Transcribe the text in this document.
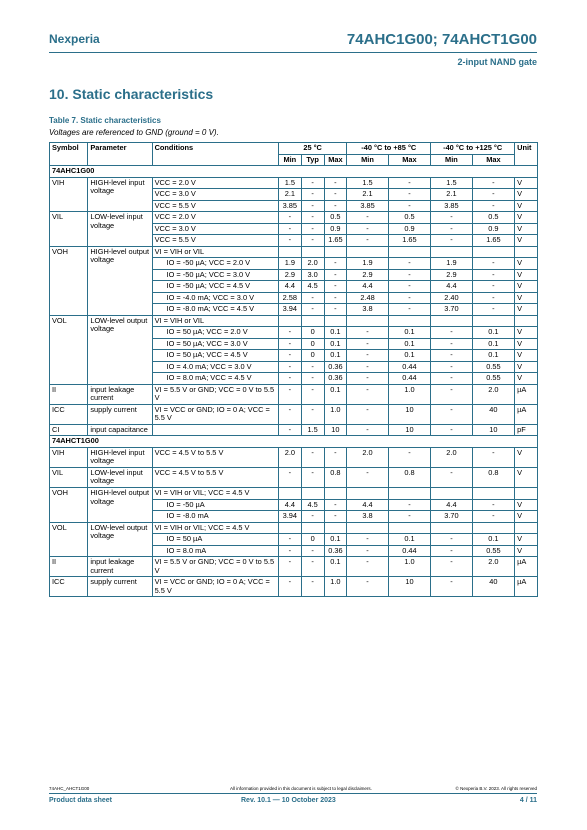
Nexperia	74AHC1G00; 74AHCT1G00
2-input NAND gate
10. Static characteristics
Table 7. Static characteristics
Voltages are referenced to GND (ground = 0 V).
Symbol	Parameter	Conditions	25 °C			-40 °C to +85 °C		-40 °C to +125 °C		Unit
			Min	Typ	Max	Min	Max	Min	Max	
74AHC1G00										
VIH	HIGH-level input voltage	VCC = 2.0 V	1.5	-	-	1.5	-	1.5	-	V
		VCC = 3.0 V	2.1	-	-	2.1	-	2.1	-	V
		VCC = 5.5 V	3.85	-	-	3.85	-	3.85	-	V
VIL	LOW-level input voltage	VCC = 2.0 V	-	-	0.5	-	0.5	-	0.5	V
		VCC = 3.0 V	-	-	0.9	-	0.9	-	0.9	V
		VCC = 5.5 V	-	-	1.65	-	1.65	-	1.65	V
VOH	HIGH-level output voltage	VI = VIH or VIL								
		IO = -50 µA; VCC = 2.0 V	1.9	2.0	-	1.9	-	1.9	-	V
		IO = -50 µA; VCC = 3.0 V	2.9	3.0	-	2.9	-	2.9	-	V
		IO = -50 µA; VCC = 4.5 V	4.4	4.5	-	4.4	-	4.4	-	V
		IO = -4.0 mA; VCC = 3.0 V	2.58	-	-	2.48	-	2.40	-	V
		IO = -8.0 mA; VCC = 4.5 V	3.94	-	-	3.8	-	3.70	-	V
VOL	LOW-level output voltage	VI = VIH or VIL								
		IO = 50 µA; VCC = 2.0 V	-	0	0.1	-	0.1	-	0.1	V
		IO = 50 µA; VCC = 3.0 V	-	0	0.1	-	0.1	-	0.1	V
		IO = 50 µA; VCC = 4.5 V	-	0	0.1	-	0.1	-	0.1	V
		IO = 4.0 mA; VCC = 3.0 V	-	-	0.36	-	0.44	-	0.55	V
		IO = 8.0 mA; VCC = 4.5 V	-	-	0.36	-	0.44	-	0.55	V
II	input leakage current	VI = 5.5 V or GND; VCC = 0 V to 5.5 V	-	-	0.1	-	1.0	-	2.0	µA
ICC	supply current	VI = VCC or GND; IO = 0 A; VCC = 5.5 V	-	-	1.0	-	10	-	40	µA
CI	input capacitance		-	1.5	10	-	10	-	10	pF
74AHCT1G00										
VIH	HIGH-level input voltage	VCC = 4.5 V to 5.5 V	2.0	-	-	2.0	-	2.0	-	V
VIL	LOW-level input voltage	VCC = 4.5 V to 5.5 V	-	-	0.8	-	0.8	-	0.8	V
VOH	HIGH-level output voltage	VI = VIH or VIL; VCC = 4.5 V								
		IO = -50 µA	4.4	4.5	-	4.4	-	4.4	-	V
		IO = -8.0 mA	3.94	-	-	3.8	-	3.70	-	V
VOL	LOW-level output voltage	VI = VIH or VIL; VCC = 4.5 V								
		IO = 50 µA	-	0	0.1	-	0.1	-	0.1	V
		IO = 8.0 mA	-	-	0.36	-	0.44	-	0.55	V
II	input leakage current	VI = 5.5 V or GND; VCC = 0 V to 5.5 V	-	-	0.1	-	1.0	-	2.0	µA
ICC	supply current	VI = VCC or GND; IO = 0 A; VCC = 5.5 V	-	-	1.0	-	10	-	40	µA
74AHC_AHCT1G00	All information provided in this document is subject to legal disclaimers.	© Nexperia B.V. 2023. All rights reserved
Product data sheet	Rev. 10.1 — 10 October 2023	4 / 11
